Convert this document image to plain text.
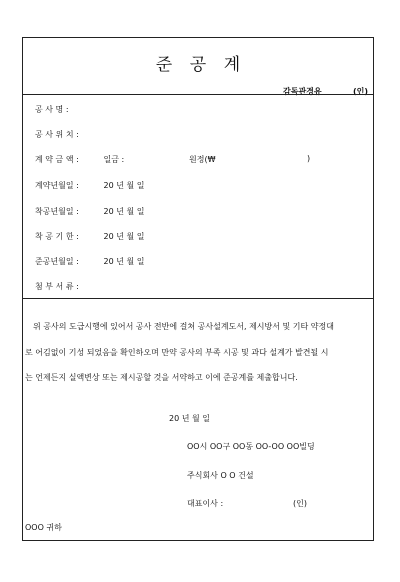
준 공 계
감독관경유	(인)
공 사 명 :
공 사 위 치 :
계 약 금 액 :	일금 :	원정(₩	)
계약년월일 :	20 년 월 일
착공년월일 :	20 년 월 일
착 공 기 한 :	20 년 월 일
준공년월일 :	20 년 월 일
첨 부 서 류 :
위 공사의 도급시행에 있어서 공사 전반에 걸쳐 공사설계도서, 제시방서 및 기타 약정대
로 어김없이 기성 되었음을 확인하오며 만약 공사의 부족 시공 및 과다 설계가 발견될 시
는 언제든지 실액변상 또는 제시공할 것을 서약하고 이에 준공계를 제출합니다.
20 년 월 일
OO시 OO구 OO동 OO-OO OO빌딩
주식회사 O O 건설
대표이사 :	(인)
OOO 귀하
